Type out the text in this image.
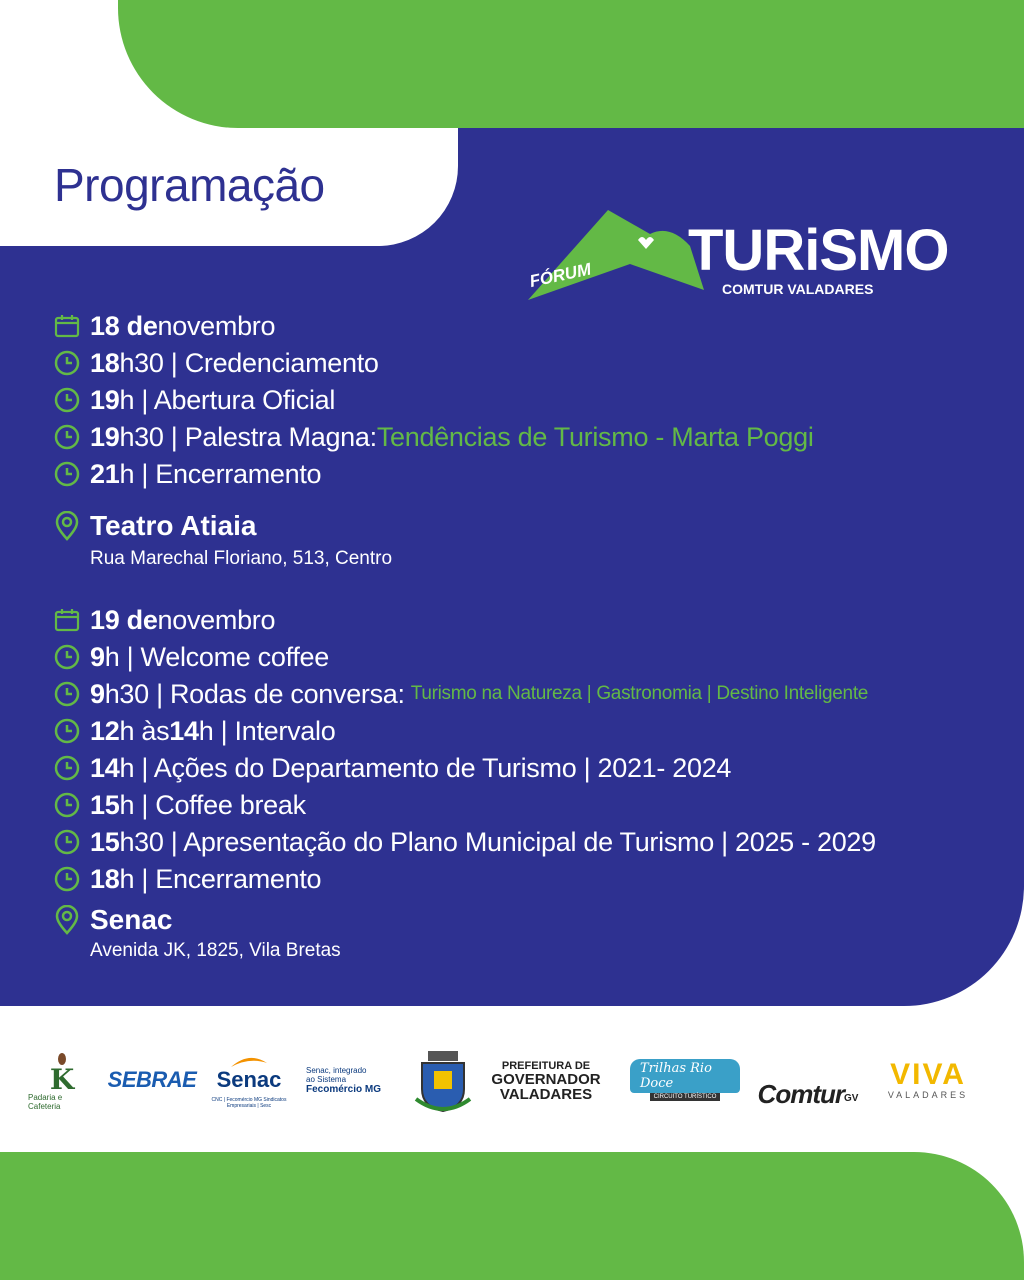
Programação
FÓRUM TURiSMO
COMTUR VALADARES
18 de novembro
18 h30 | Credenciamento
19 h | Abertura Oficial
19 h30 | Palestra Magna: Tendências de Turismo - Marta Poggi
21 h | Encerramento
Teatro Atiaia
Rua Marechal Floriano, 513, Centro
19 de novembro
9 h | Welcome coffee
9 h30 | Rodas de conversa: Turismo na Natureza | Gastronomia | Destino Inteligente
12 h às 14 h | Intervalo
14 h | Ações do Departamento de Turismo | 2021- 2024
15 h | Coffee break
15 h30 | Apresentação do Plano Municipal de Turismo | 2025 - 2029
18 h | Encerramento
Senac
Avenida JK, 1825, Vila Bretas
K
Padaria e Cafeteria
SEBRAE Senac
CNC | Fecomércio MG Sindicatos Empresariais | Sesc
Senac, integrado ao Sistema
Fecomércio MG
PREFEITURA DE
GOVERNADOR
VALADARES
Trilhas Rio Doce
CIRCUITO TURÍSTICO Comtur GV
VIVA
VALADARES
